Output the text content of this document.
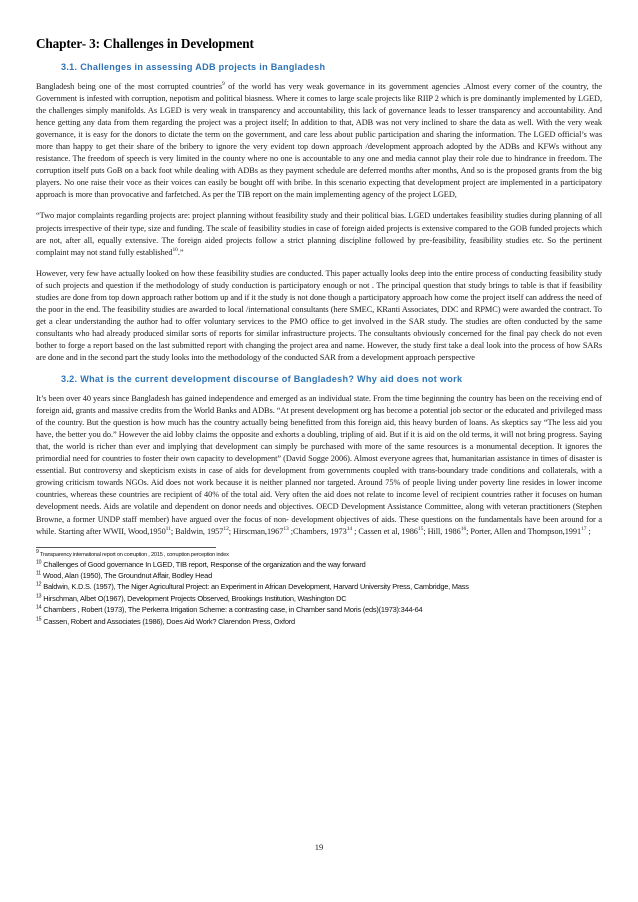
Chapter- 3: Challenges in Development
3.1. Challenges in assessing ADB projects in Bangladesh

Bangladesh being one of the most corrupted countries$^9$ of the world has very weak governance in its government agencies .Almost every corner of the country, the Government is infested with corruption, nepotism and political biasness. Where it comes to large scale projects like RIIP 2 which is pre dominantly implemented by LGED, the challenges simply manifolds. As LGED is very weak in transparency and accountability, this lack of governance leads to lesser transparency and accountability. And hence getting any data from them regarding the project was a project itself; In addition to that, ADB was not very inclined to share the data as well. With the very weak governance, it is easy for the donors to dictate the term on the government, and care less about public participation and sharing the information. The LGED official’s was more than happy to get their share of the bribery to ignore the very evident top down approach /development approach adopted by the ADBs and KFWs without any resistance. The freedom of speech is very limited in the county where no one is accountable to any one and media cannot play their role due to hindrance in freedom. The corruption itself puts GoB on a back foot while dealing with ADBs as they payment schedule are deferred months after months, And so is the proposed grants from the big players. No one raise their voce as their voices can easily be bought off with bribe. In this scenario expecting that development project are implemented in a participatory approach is more than provocative and farfetched. As per the TIB report on the main implementing agency of the project LGED,

“Two major complaints regarding projects are: project planning without feasibility study and their political bias. LGED undertakes feasibility studies during planning of all projects irrespective of their type, size and funding. The scale of feasibility studies in case of foreign aided projects is extensive compared to the GOB funded projects which are not, after all, equally extensive. The foreign aided projects follow a strict planning discipline followed by pre-feasibility, feasibility studies etc. So the pertinent complaint may not stand fully established$^{10}$.”

However, very few have actually looked on how these feasibility studies are conducted. This paper actually looks deep into the entire process of conducting feasibility study of such projects and question if the methodology of study conduction is participatory enough or not . The principal question that study brings to table is that if feasibility studies are done from top down approach rather bottom up and if it the study is not done though a participatory approach how come the project itself can address the need of the poor in the end. The feasibility studies are awarded to local /international consultants (here SMEC, KRanti Associates, DDC and RPMC) were awarded the contract. To get a clear understanding the author had to offer voluntary services to the PMO office to get involved in the SAR study. The studies are often conducted by the same consultants who had already produced similar sorts of reports for similar infrastructure projects. The consultants obviously concerned for the final pay check do not even bother to forge a report based on the last submitted report with changing the project area and name. However, the study first take a deal look into the process of how SARs are done and in the second part the study looks into the methodology of the conducted SAR from a development approach perspective

3.2. What is the current development discourse of Bangladesh? Why aid does not work

It’s been over 40 years since Bangladesh has gained independence and emerged as an individual state. From the time beginning the country has been on the receiving end of foreign aid, grants and massive credits from the World Banks and ADBs. “At present development org has become a potential job sector or the educated and privileged mass of the country. But the question is how much has the country actually being benefitted from this foreign aid, this heavy burden of loans. As skeptics say “The less aid you have, the better you do.” However the aid lobby claims the opposite and exhorts a doubling, tripling of aid. But if it is aid on the old terms, it will not bring progress. Saying that, the world is richer than ever and implying that development can simply be purchased with more of the same resources is a monumental deception. It ignores the primordial need for countries to foster their own capacity to development” (David Sogge 2006). Almost everyone agrees that, humanitarian assistance in times of disaster is essential. But controversy and skepticism exists in case of aids for development from governments coupled with trans-boundary trade conditions and collaterals, with a growing criticism towards NGOs. Aid does not work because it is neither planned nor targeted. Around 75% of people living under poverty line resides in lower income countries, whereas these countries are recipient of 40% of the total aid. Very often the aid does not relate to income level of recipient countries rather it focuses on human development needs. Aids are volatile and dependent on donor needs and objectives. OECD Development Assistance Committee, along with veteran practitioners (Stephen Browne, a former UNDP staff member) have argued over the focus of non- development objectives of aids. These questions on the fundamentals have been around for a while. Starting after WWII, Wood,1950$^{11}$; Baldwin, 1957$^{12}$; Hirscman,1967$^{13}$ ;Chambers, 1973$^{14}$ ; Cassen et al, 1986$^{15}$; Hill, 1986$^{16}$; Porter, Allen and Thompson,1991$^{17}$ ;

$^9$ Transparency international report on corruption , 2015 , corruption perception index

$^{10}$ Challenges of Good governance In LGED, TIB report, Response of the organization and the way forward

$^{11}$ Wood, Alan (1950), The Groundnut Affair, Bodley Head

$^{12}$ Baldwin, K.D.S. (1957), The Niger Agricultural Project: an Experiment in African Development, Harvard University Press, Cambridge, Mass

$^{13}$ Hirschman, Albet O(1967), Development Projects Observed, Brookings Institution, Washington DC

$^{14}$ Chambers , Robert (1973), The Perkerra Irrigation Scheme: a contrasting case, in Chamber sand Moris (eds)(1973):344-64

$^{15}$ Cassen, Robert and Associates (1986), Does Aid Work? Clarendon Press, Oxford

19
